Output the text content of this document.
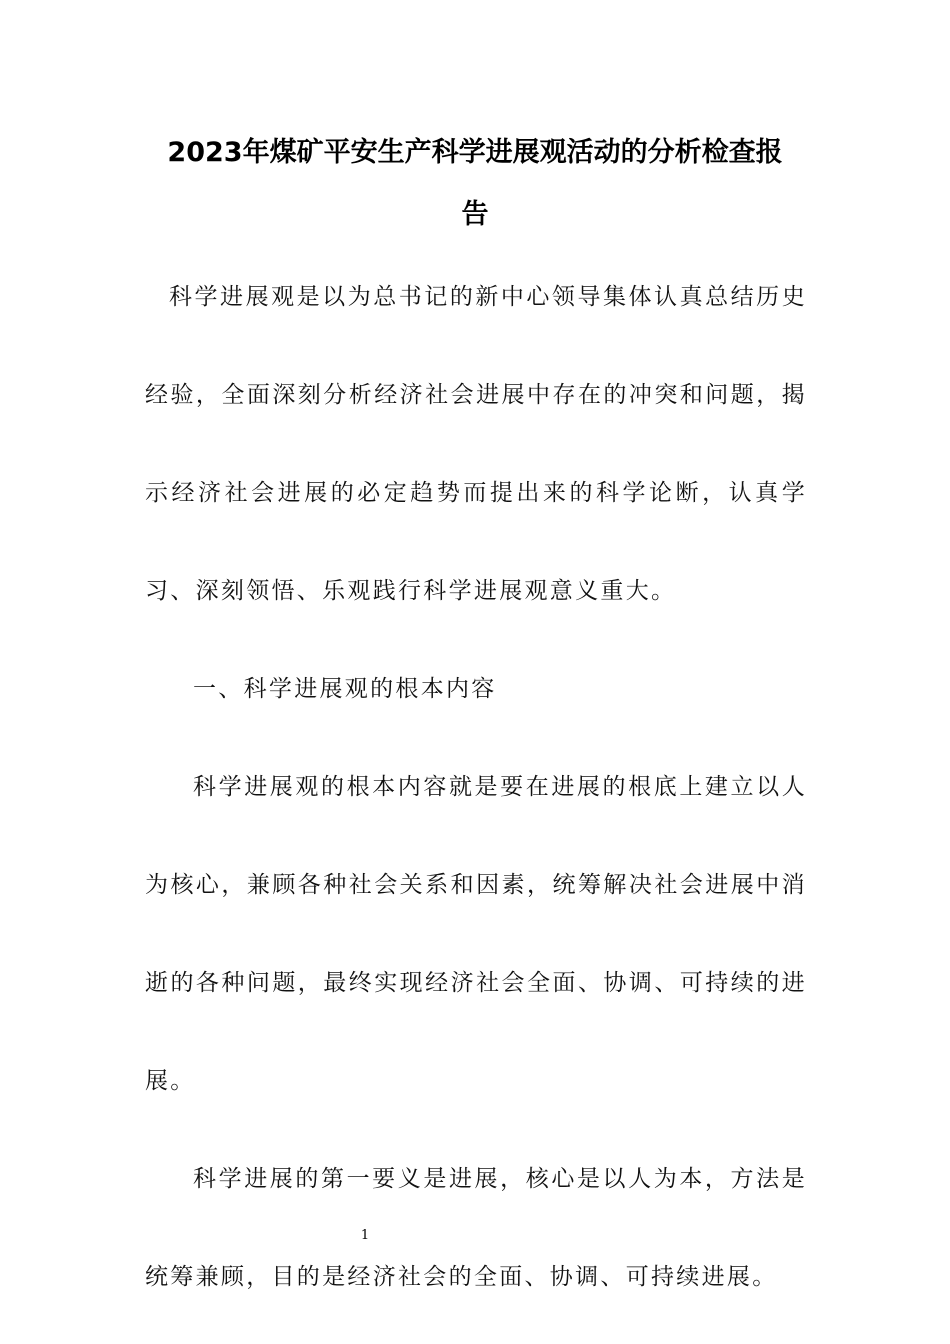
2023年煤矿平安生产科学进展观活动的分析检查报
告

科学进展观是以为总书记的新中心领导集体认真总结历史经验，全面深刻分析经济社会进展中存在的冲突和问题，揭示经济社会进展的必定趋势而提出来的科学论断，认真学习、深刻领悟、乐观践行科学进展观意义重大。

一、科学进展观的根本内容

科学进展观的根本内容就是要在进展的根底上建立以人为核心，兼顾各种社会关系和因素，统筹解决社会进展中消逝的各种问题，最终实现经济社会全面、协调、可持续的进展。

科学进展的第一要义是进展，核心是以人为本，方法是统筹兼顾，目的是经济社会的全面、协调、可持续进展。

1
